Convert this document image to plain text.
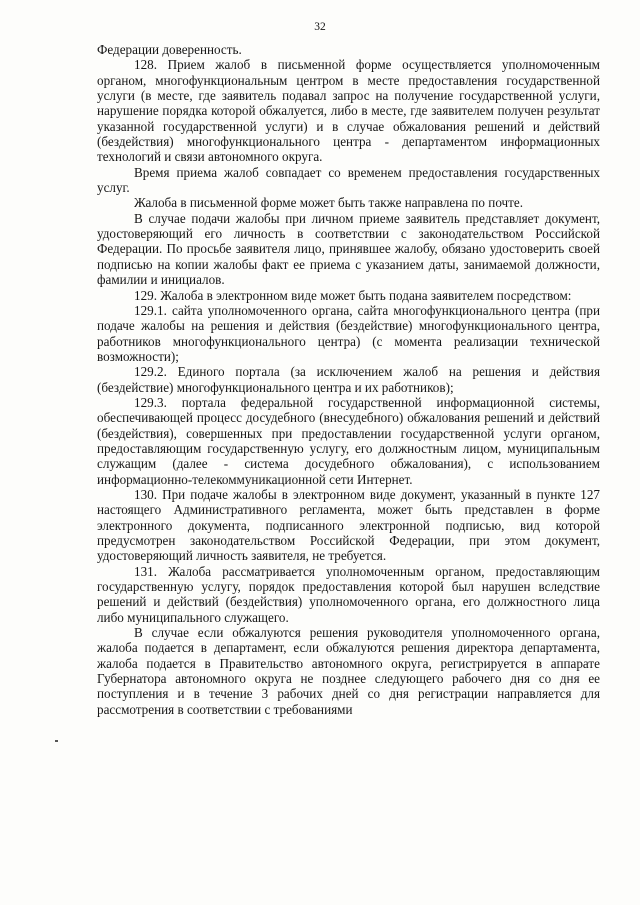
32

Федерации доверенность.

128. Прием жалоб в письменной форме осуществляется уполномоченным органом, многофункциональным центром в месте предоставления государственной услуги (в месте, где заявитель подавал запрос на получение государственной услуги, нарушение порядка которой обжалуется, либо в месте, где заявителем получен результат указанной государственной услуги) и в случае обжалования решений и действий (бездействия) многофункционального центра - департаментом информационных технологий и связи автономного округа.

Время приема жалоб совпадает со временем предоставления государственных услуг.

Жалоба в письменной форме может быть также направлена по почте.

В случае подачи жалобы при личном приеме заявитель представляет документ, удостоверяющий его личность в соответствии с законодательством Российской Федерации. По просьбе заявителя лицо, принявшее жалобу, обязано удостоверить своей подписью на копии жалобы факт ее приема с указанием даты, занимаемой должности, фамилии и инициалов.

129. Жалоба в электронном виде может быть подана заявителем посредством:

129.1. сайта уполномоченного органа, сайта многофункционального центра (при подаче жалобы на решения и действия (бездействие) многофункционального центра, работников многофункционального центра) (с момента реализации технической возможности);

129.2. Единого портала (за исключением жалоб на решения и действия (бездействие) многофункционального центра и их работников);

129.3. портала федеральной государственной информационной системы, обеспечивающей процесс досудебного (внесудебного) обжалования решений и действий (бездействия), совершенных при предоставлении государственной услуги органом, предоставляющим государственную услугу, его должностным лицом, муниципальным служащим (далее - система досудебного обжалования), с использованием информационно-телекоммуникационной сети Интернет.

130. При подаче жалобы в электронном виде документ, указанный в пункте 127 настоящего Административного регламента, может быть представлен в форме электронного документа, подписанного электронной подписью, вид которой предусмотрен законодательством Российской Федерации, при этом документ, удостоверяющий личность заявителя, не требуется.

131. Жалоба рассматривается уполномоченным органом, предоставляющим государственную услугу, порядок предоставления которой был нарушен вследствие решений и действий (бездействия) уполномоченного органа, его должностного лица либо муниципального служащего.

В случае если обжалуются решения руководителя уполномоченного органа, жалоба подается в департамент, если обжалуются решения директора департамента, жалоба подается в Правительство автономного округа, регистрируется в аппарате Губернатора автономного округа не позднее следующего рабочего дня со дня ее поступления и в течение 3 рабочих дней со дня регистрации направляется для рассмотрения в соответствии с требованиями
